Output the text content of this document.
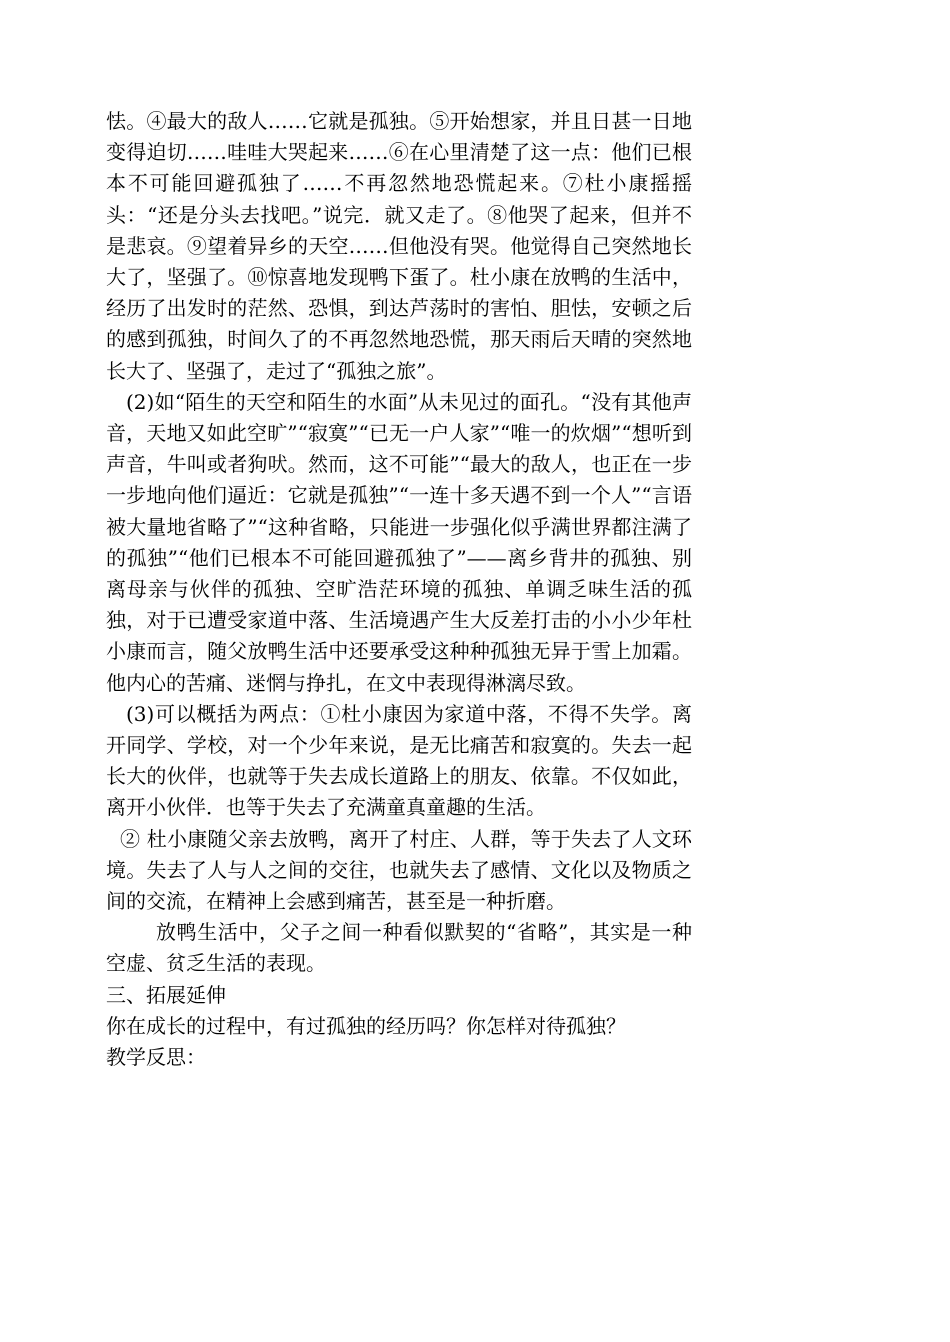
怯。④最大的敌人……它就是孤独。⑤开始想家，并且日甚一日地变得迫切……哇哇大哭起来……⑥在心里清楚了这一点：他们已根本不可能回避孤独了……不再忽然地恐慌起来。⑦杜小康摇摇头：“还是分头去找吧。”说完．就又走了。⑧他哭了起来，但并不是悲哀。⑨望着异乡的天空……但他没有哭。他觉得自己突然地长大了，坚强了。⑩惊喜地发现鸭下蛋了。杜小康在放鸭的生活中，经历了出发时的茫然、恐惧，到达芦荡时的害怕、胆怯，安顿之后的感到孤独，时间久了的不再忽然地恐慌，那天雨后天晴的突然地长大了、坚强了，走过了“孤独之旅”。

(2)如“陌生的天空和陌生的水面”从未见过的面孔。“没有其他声音，天地又如此空旷”“寂寞”“已无一户人家”“唯一的炊烟”“想听到声音，牛叫或者狗吠。然而，这不可能”“最大的敌人，也正在一步一步地向他们逼近：它就是孤独”“一连十多天遇不到一个人”“言语被大量地省略了”“这种省略，只能进一步强化似乎满世界都注满了的孤独”“他们已根本不可能回避孤独了”——离乡背井的孤独、别离母亲与伙伴的孤独、空旷浩茫环境的孤独、单调乏味生活的孤独，对于已遭受家道中落、生活境遇产生大反差打击的小小少年杜小康而言，随父放鸭生活中还要承受这种种孤独无异于雪上加霜。他内心的苦痛、迷惘与挣扎，在文中表现得淋漓尽致。

(3)可以概括为两点：①杜小康因为家道中落，不得不失学。离开同学、学校，对一个少年来说，是无比痛苦和寂寞的。失去一起长大的伙伴，也就等于失去成长道路上的朋友、依靠。不仅如此，离开小伙伴．也等于失去了充满童真童趣的生活。

② 杜小康随父亲去放鸭，离开了村庄、人群，等于失去了人文环境。失去了人与人之间的交往，也就失去了感情、文化以及物质之间的交流，在精神上会感到痛苦，甚至是一种折磨。

放鸭生活中，父子之间一种看似默契的“省略”，其实是一种空虚、贫乏生活的表现。

三、拓展延伸

你在成长的过程中，有过孤独的经历吗？你怎样对待孤独？

教学反思：
